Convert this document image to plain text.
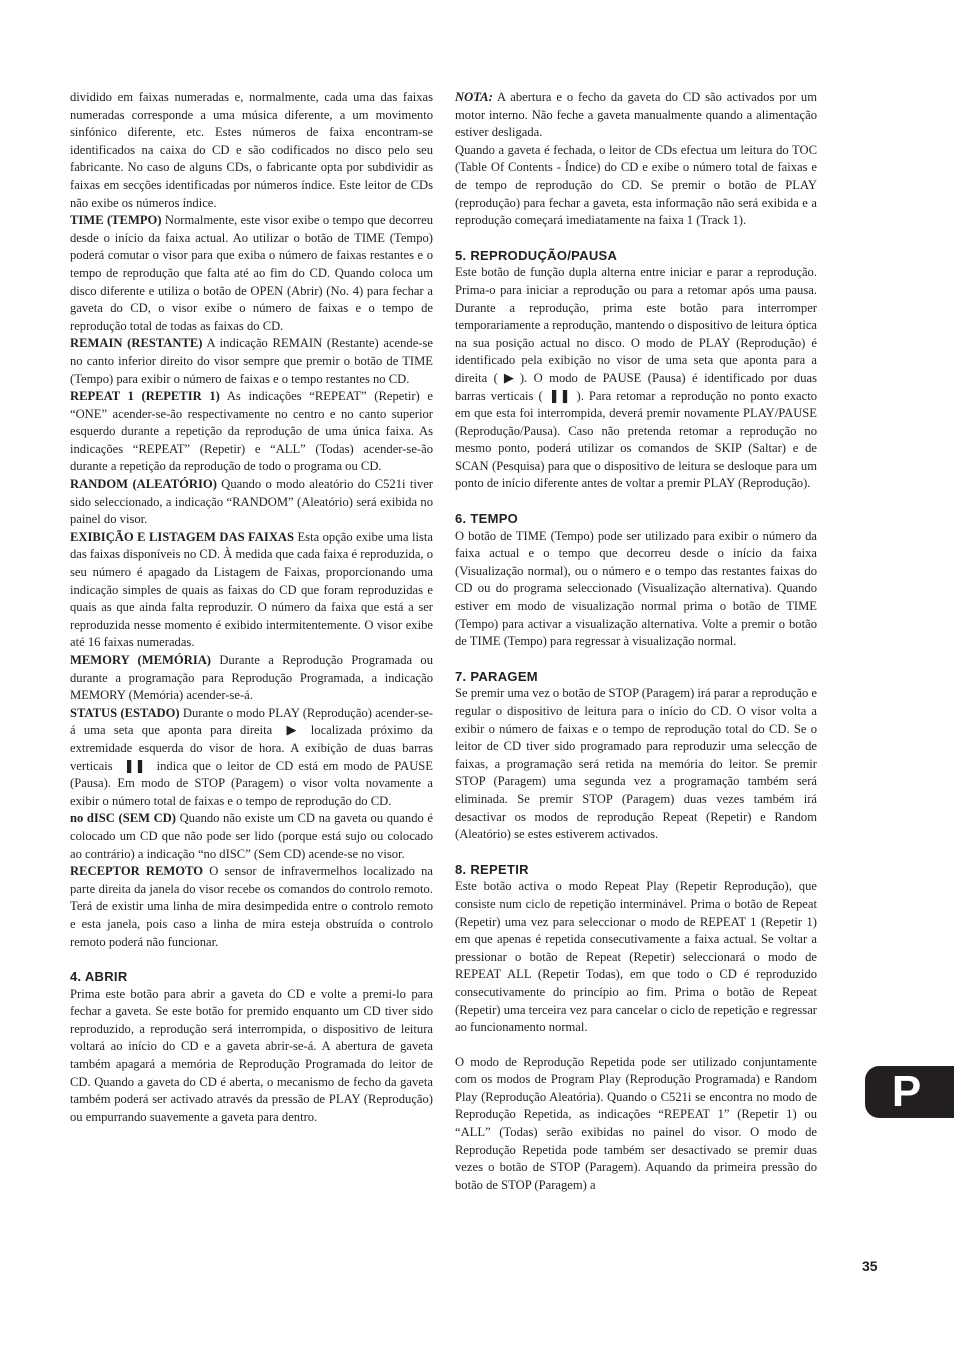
dividido em faixas numeradas e, normalmente, cada uma das faixas numeradas corresponde a uma música diferente, a um movimento sinfónico diferente, etc. Estes números de faixa encontram-se identificados na caixa do CD e são codificados no disco pelo seu fabricante. No caso de alguns CDs, o fabricante opta por subdividir as faixas em secções identificadas por números índice. Este leitor de CDs não exibe os números índice.

TIME (TEMPO) Normalmente, este visor exibe o tempo que decorreu desde o início da faixa actual. Ao utilizar o botão de TIME (Tempo) poderá comutar o visor para que exiba o número de faixas restantes e o tempo de reprodução que falta até ao fim do CD. Quando coloca um disco diferente e utiliza o botão de OPEN (Abrir) (No. 4) para fechar a gaveta do CD, o visor exibe o número de faixas e o tempo de reprodução total de todas as faixas do CD.

REMAIN (RESTANTE) A indicação REMAIN (Restante) acende-se no canto inferior direito do visor sempre que premir o botão de TIME (Tempo) para exibir o número de faixas e o tempo restantes no CD.

REPEAT 1 (REPETIR 1) As indicações “REPEAT” (Repetir) e “ONE” acender-se-ão respectivamente no centro e no canto superior esquerdo durante a repetição da reprodução de uma única faixa. As indicações “REPEAT” (Repetir) e “ALL” (Todas) acender-se-ão durante a repetição da reprodução de todo o programa ou CD.

RANDOM (ALEATÓRIO) Quando o modo aleatório do C521i tiver sido seleccionado, a indicação “RANDOM” (Aleatório) será exibida no painel do visor.

EXIBIÇÃO E LISTAGEM DAS FAIXAS Esta opção exibe uma lista das faixas disponíveis no CD. À medida que cada faixa é reproduzida, o seu número é apagado da Listagem de Faixas, proporcionando uma indicação simples de quais as faixas do CD que foram reproduzidas e quais as que ainda falta reproduzir. O número da faixa que está a ser reproduzida nesse momento é exibido intermitentemente. O visor exibe até 16 faixas numeradas.

MEMORY (MEMÓRIA) Durante a Reprodução Programada ou durante a programação para Reprodução Programada, a indicação MEMORY (Memória) acender-se-á.

STATUS (ESTADO) Durante o modo PLAY (Reprodução) acender-se-á uma seta que aponta para direita ▶ localizada próximo da extremidade esquerda do visor de hora. A exibição de duas barras verticais ❚❚ indica que o leitor de CD está em modo de PAUSE (Pausa). Em modo de STOP (Paragem) o visor volta novamente a exibir o número total de faixas e o tempo de reprodução do CD.

no dISC (SEM CD) Quando não existe um CD na gaveta ou quando é colocado um CD que não pode ser lido (porque está sujo ou colocado ao contrário) a indicação “no dISC” (Sem CD) acende-se no visor.

RECEPTOR REMOTO O sensor de infravermelhos localizado na parte direita da janela do visor recebe os comandos do controlo remoto. Terá de existir uma linha de mira desimpedida entre o controlo remoto e esta janela, pois caso a linha de mira esteja obstruída o controlo remoto poderá não funcionar.

4. ABRIR

Prima este botão para abrir a gaveta do CD e volte a premi-lo para fechar a gaveta. Se este botão for premido enquanto um CD tiver sido reproduzido, a reprodução será interrompida, o dispositivo de leitura voltará ao início do CD e a gaveta abrir-se-á. A abertura de gaveta também apagará a memória de Reprodução Programada do leitor de CD. Quando a gaveta do CD é aberta, o mecanismo de fecho da gaveta também poderá ser activado através da pressão de PLAY (Reprodução) ou empurrando suavemente a gaveta para dentro.

NOTA: A abertura e o fecho da gaveta do CD são activados por um motor interno. Não feche a gaveta manualmente quando a alimentação estiver desligada.

Quando a gaveta é fechada, o leitor de CDs efectua um leitura do TOC (Table Of Contents - Índice) do CD e exibe o número total de faixas e de tempo de reprodução do CD. Se premir o botão de PLAY (reprodução) para fechar a gaveta, esta informação não será exibida e a reprodução começará imediatamente na faixa 1 (Track 1).

5. REPRODUÇÃO/PAUSA

Este botão de função dupla alterna entre iniciar e parar a reprodução. Prima-o para iniciar a reprodução ou para a retomar após uma pausa. Durante a reprodução, prima este botão para interromper temporariamente a reprodução, mantendo o dispositivo de leitura óptica na sua posição actual no disco. O modo de PLAY (Reprodução) é identificado pela exibição no visor de uma seta que aponta para a direita ( ▶ ). O modo de PAUSE (Pausa) é identificado por duas barras verticais ( ❚❚ ). Para retomar a reprodução no ponto exacto em que esta foi interrompida, deverá premir novamente PLAY/PAUSE (Reprodução/Pausa). Caso não pretenda retomar a reprodução no mesmo ponto, poderá utilizar os comandos de SKIP (Saltar) e de SCAN (Pesquisa) para que o dispositivo de leitura se desloque para um ponto de início diferente antes de voltar a premir PLAY (Reprodução).

6. TEMPO

O botão de TIME (Tempo) pode ser utilizado para exibir o número da faixa actual e o tempo que decorreu desde o início da faixa (Visualização normal), ou o número e o tempo das restantes faixas do CD ou do programa seleccionado (Visualização alternativa). Quando estiver em modo de visualização normal prima o botão de TIME (Tempo) para activar a visualização alternativa. Volte a premir o botão de TIME (Tempo) para regressar à visualização normal.

7. PARAGEM

Se premir uma vez o botão de STOP (Paragem) irá parar a reprodução e regular o dispositivo de leitura para o início do CD. O visor volta a exibir o número de faixas e o tempo de reprodução total do CD. Se o leitor de CD tiver sido programado para reproduzir uma selecção de faixas, a programação será retida na memória do leitor. Se premir STOP (Paragem) uma segunda vez a programação também será eliminada. Se premir STOP (Paragem) duas vezes também irá desactivar os modos de reprodução Repeat (Repetir) e Random (Aleatório) se estes estiverem activados.

8. REPETIR

Este botão activa o modo Repeat Play (Repetir Reprodução), que consiste num ciclo de repetição interminável. Prima o botão de Repeat (Repetir) uma vez para seleccionar o modo de REPEAT 1 (Repetir 1) em que apenas é repetida consecutivamente a faixa actual. Se voltar a pressionar o botão de Repeat (Repetir) seleccionará o modo de REPEAT ALL (Repetir Todas), em que todo o CD é reproduzido consecutivamente do princípio ao fim. Prima o botão de Repeat (Repetir) uma terceira vez para cancelar o ciclo de repetição e regressar ao funcionamento normal.

O modo de Reprodução Repetida pode ser utilizado conjuntamente com os modos de Program Play (Reprodução Programada) e Random Play (Reprodução Aleatória). Quando o C521i se encontra no modo de Reprodução Repetida, as indicações “REPEAT 1” (Repetir 1) ou “ALL” (Todas) serão exibidas no painel do visor. O modo de Reprodução Repetida pode também ser desactivado se premir duas vezes o botão de STOP (Paragem). Aquando da primeira pressão do botão de STOP (Paragem) a

P
35
